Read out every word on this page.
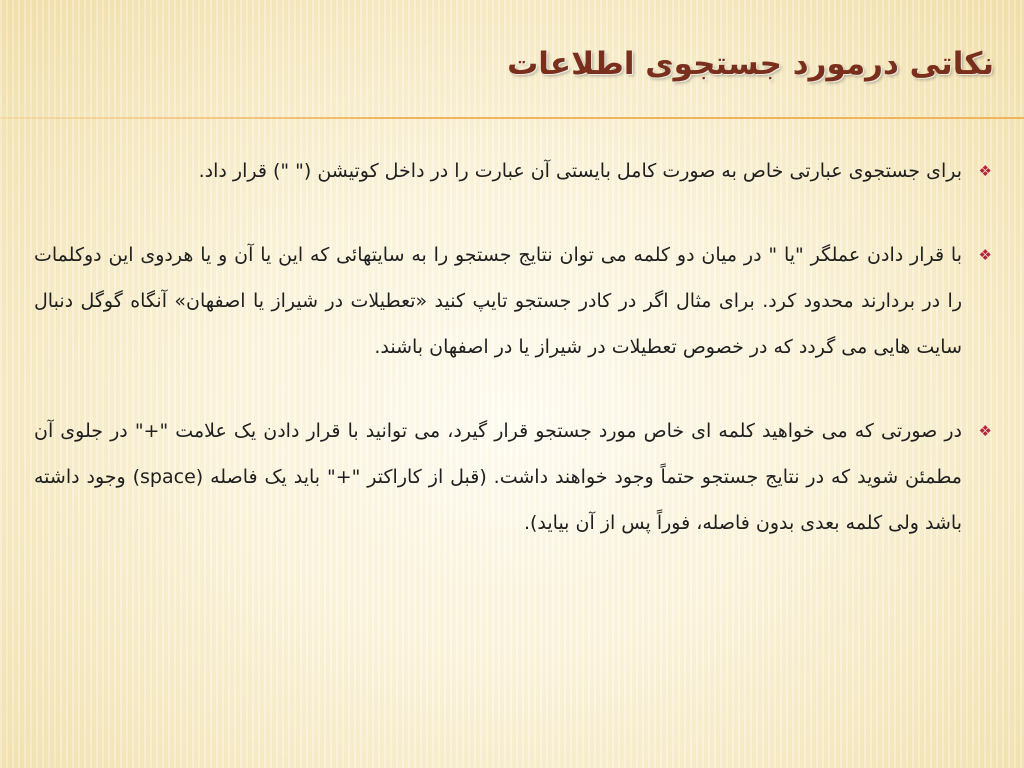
نکاتی درمورد جستجوی اطلاعات
❖
برای جستجوی عبارتی خاص به صورت کامل بایستی آن عبارت را در داخل کوتیشن (" ") قرار داد.
❖
با قرار دادن عملگر "یا " در میان دو کلمه می توان نتایج جستجو را به سایتهائی که این یا آن و یا هردوی این دوکلمات را در بردارند محدود کرد. برای مثال اگر در کادر جستجو تایپ کنید «تعطیلات در شیراز یا اصفهان» آنگاه گوگل دنبال سایت هایی می گردد که در خصوص تعطیلات در شیراز یا در اصفهان باشند.
❖
در صورتی که می خواهید کلمه ای خاص مورد جستجو قرار گیرد، می توانید با قرار دادن یک علامت "+" در جلوی آن مطمئن شوید که در نتایج جستجو حتماً وجود خواهند داشت. (قبل از کاراکتر "+" باید یک فاصله (space) وجود داشته باشد ولی کلمه بعدی بدون فاصله، فوراً پس از آن بیاید).
